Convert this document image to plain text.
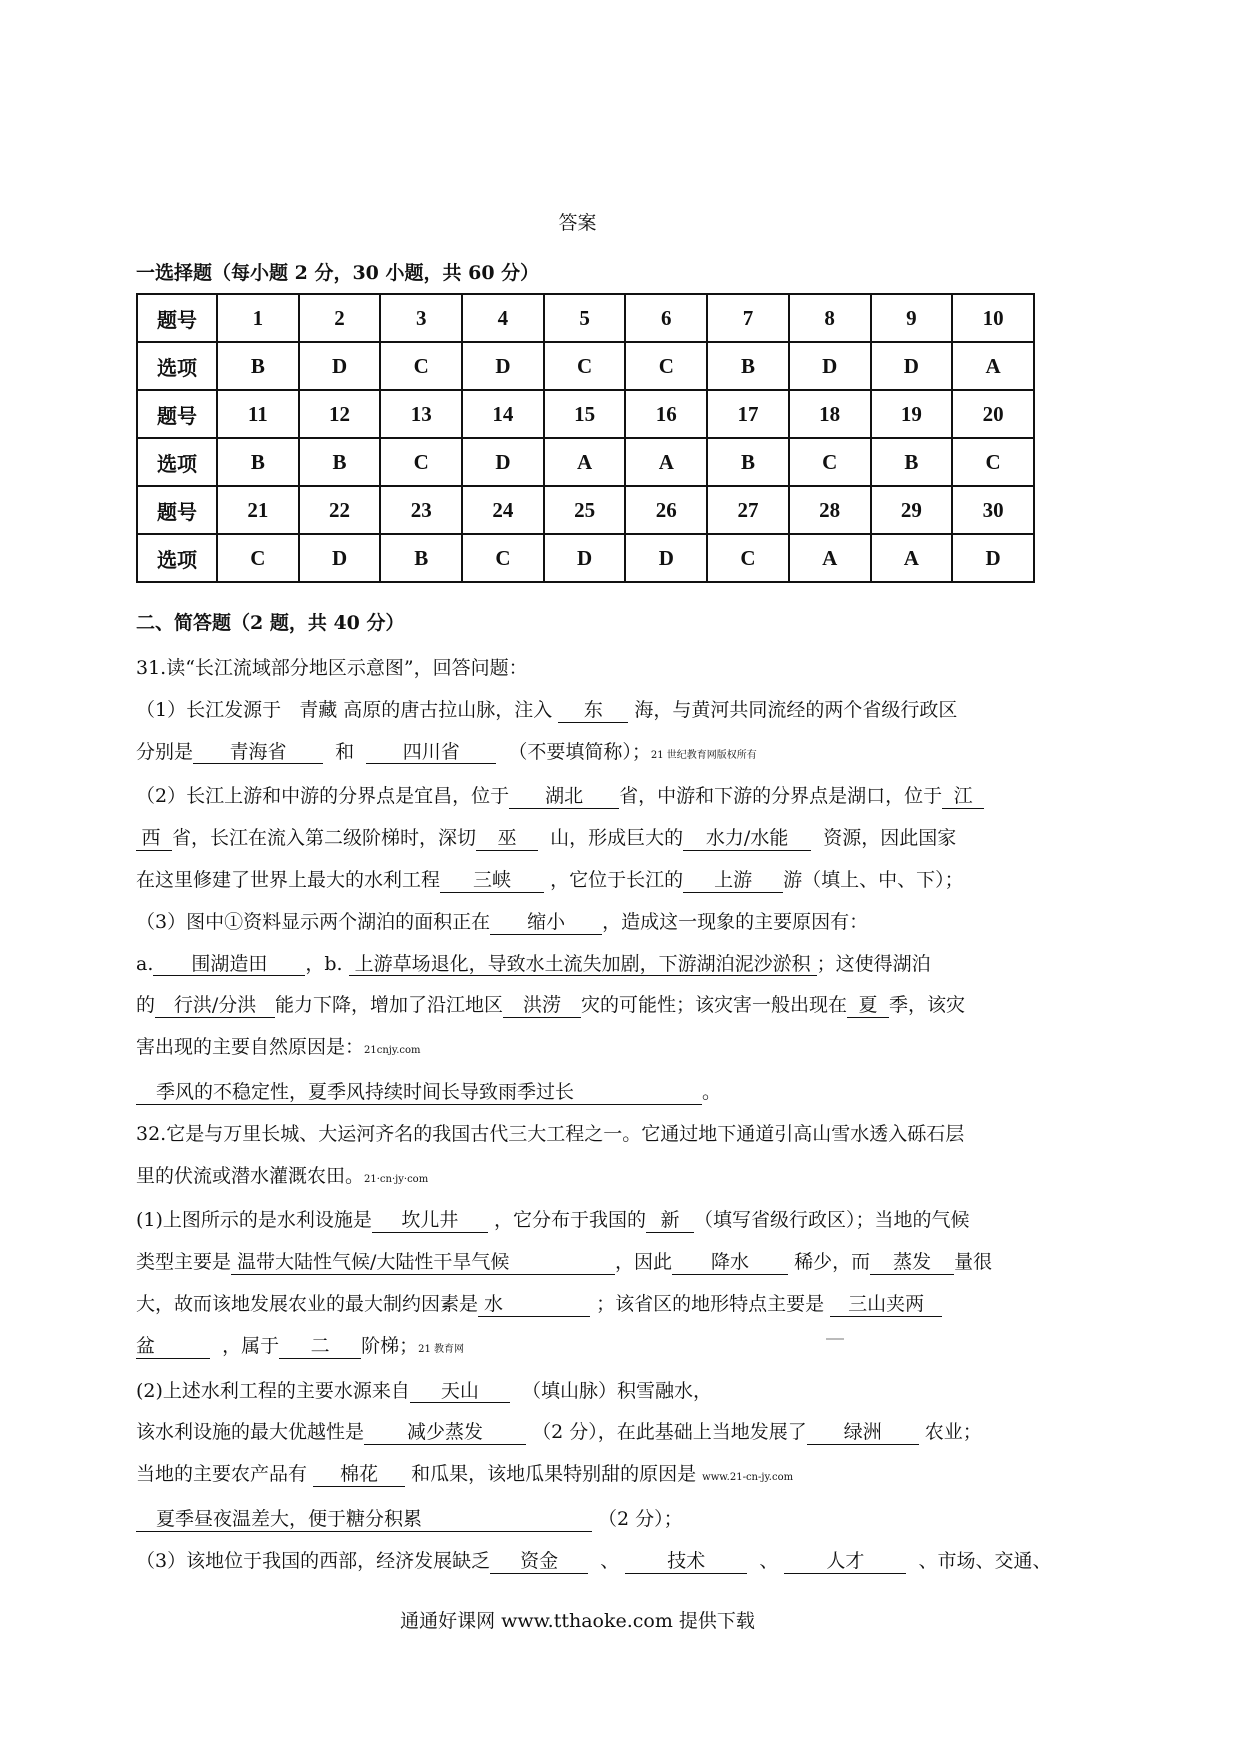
答案
一选择题（每小题 2 分，30 小题，共 60 分）
题号	1	2	3	4	5	6	7	8	9	10
选项	B	D	C	D	C	C	B	D	D	A
题号	11	12	13	14	15	16	17	18	19	20
选项	B	B	C	D	A	A	B	C	B	C
题号	21	22	23	24	25	26	27	28	29	30
选项	C	D	B	C	D	D	C	A	A	D
二、简答题（2 题，共 40 分）
31.读“长江流域部分地区示意图”，回答问题：
（1）长江发源于 青藏 高原的唐古拉山脉，注入 东 海，与黄河共同流经的两个省级行政区
分别是 青海省	和	四川省	（不要填简称）；21 世纪教育网版权所有
（2）长江上游和中游的分界点是宜昌，位于 湖北 省，中游和下游的分界点是湖口，位于 江
西 省，长江在流入第二级阶梯时，深切 巫 山，形成巨大的 水力/水能 资源，因此国家
在这里修建了世界上最大的水利工程 三峡 ，它位于长江的 上游 游（填上、中、下）；
（3）图中①资料显示两个湖泊的面积正在 缩小 ，造成这一现象的主要原因有：
a. 围湖造田 ，b. 上游草场退化，导致水土流失加剧，下游湖泊泥沙淤积 ；这使得湖泊
的 行洪/分洪 能力下降，增加了沿江地区 洪涝 灾的可能性；该灾害一般出现在 夏 季，该灾
害出现的主要自然原因是：21cnjy.com
季风的不稳定性，夏季风持续时间长导致雨季过长	。
32.它是与万里长城、大运河齐名的我国古代三大工程之一。它通过地下通道引高山雪水透入砾石层
里的伏流或潜水灌溉农田。21·cn·jy·com
(1)上图所示的是水利设施是 坎儿井 ，它分布于我国的 新 （填写省级行政区）；当地的气候
类型主要是 温带大陆性气候/大陆性干旱气候	，因此 降水 稀少，而 蒸发 量很
大，故而该地发展农业的最大制约因素是 水	；该省区的地形特点主要是 三山夹两
盆	，属于 二 阶梯；21 教育网
(2)上述水利工程的主要水源来自 天山 （填山脉）积雪融水，
该水利设施的最大优越性是 减少蒸发	（2 分），在此基础上当地发展了 绿洲 农业；
当地的主要农产品有 棉花 和瓜果，该地瓜果特别甜的原因是 www.21-cn-jy.com
夏季昼夜温差大，便于糖分积累	（2 分）；
（3）该地位于我国的西部，经济发展缺乏 资金 、	技术	、	人才	、市场、交通、
通通好课网 www.tthaoke.com 提供下载
